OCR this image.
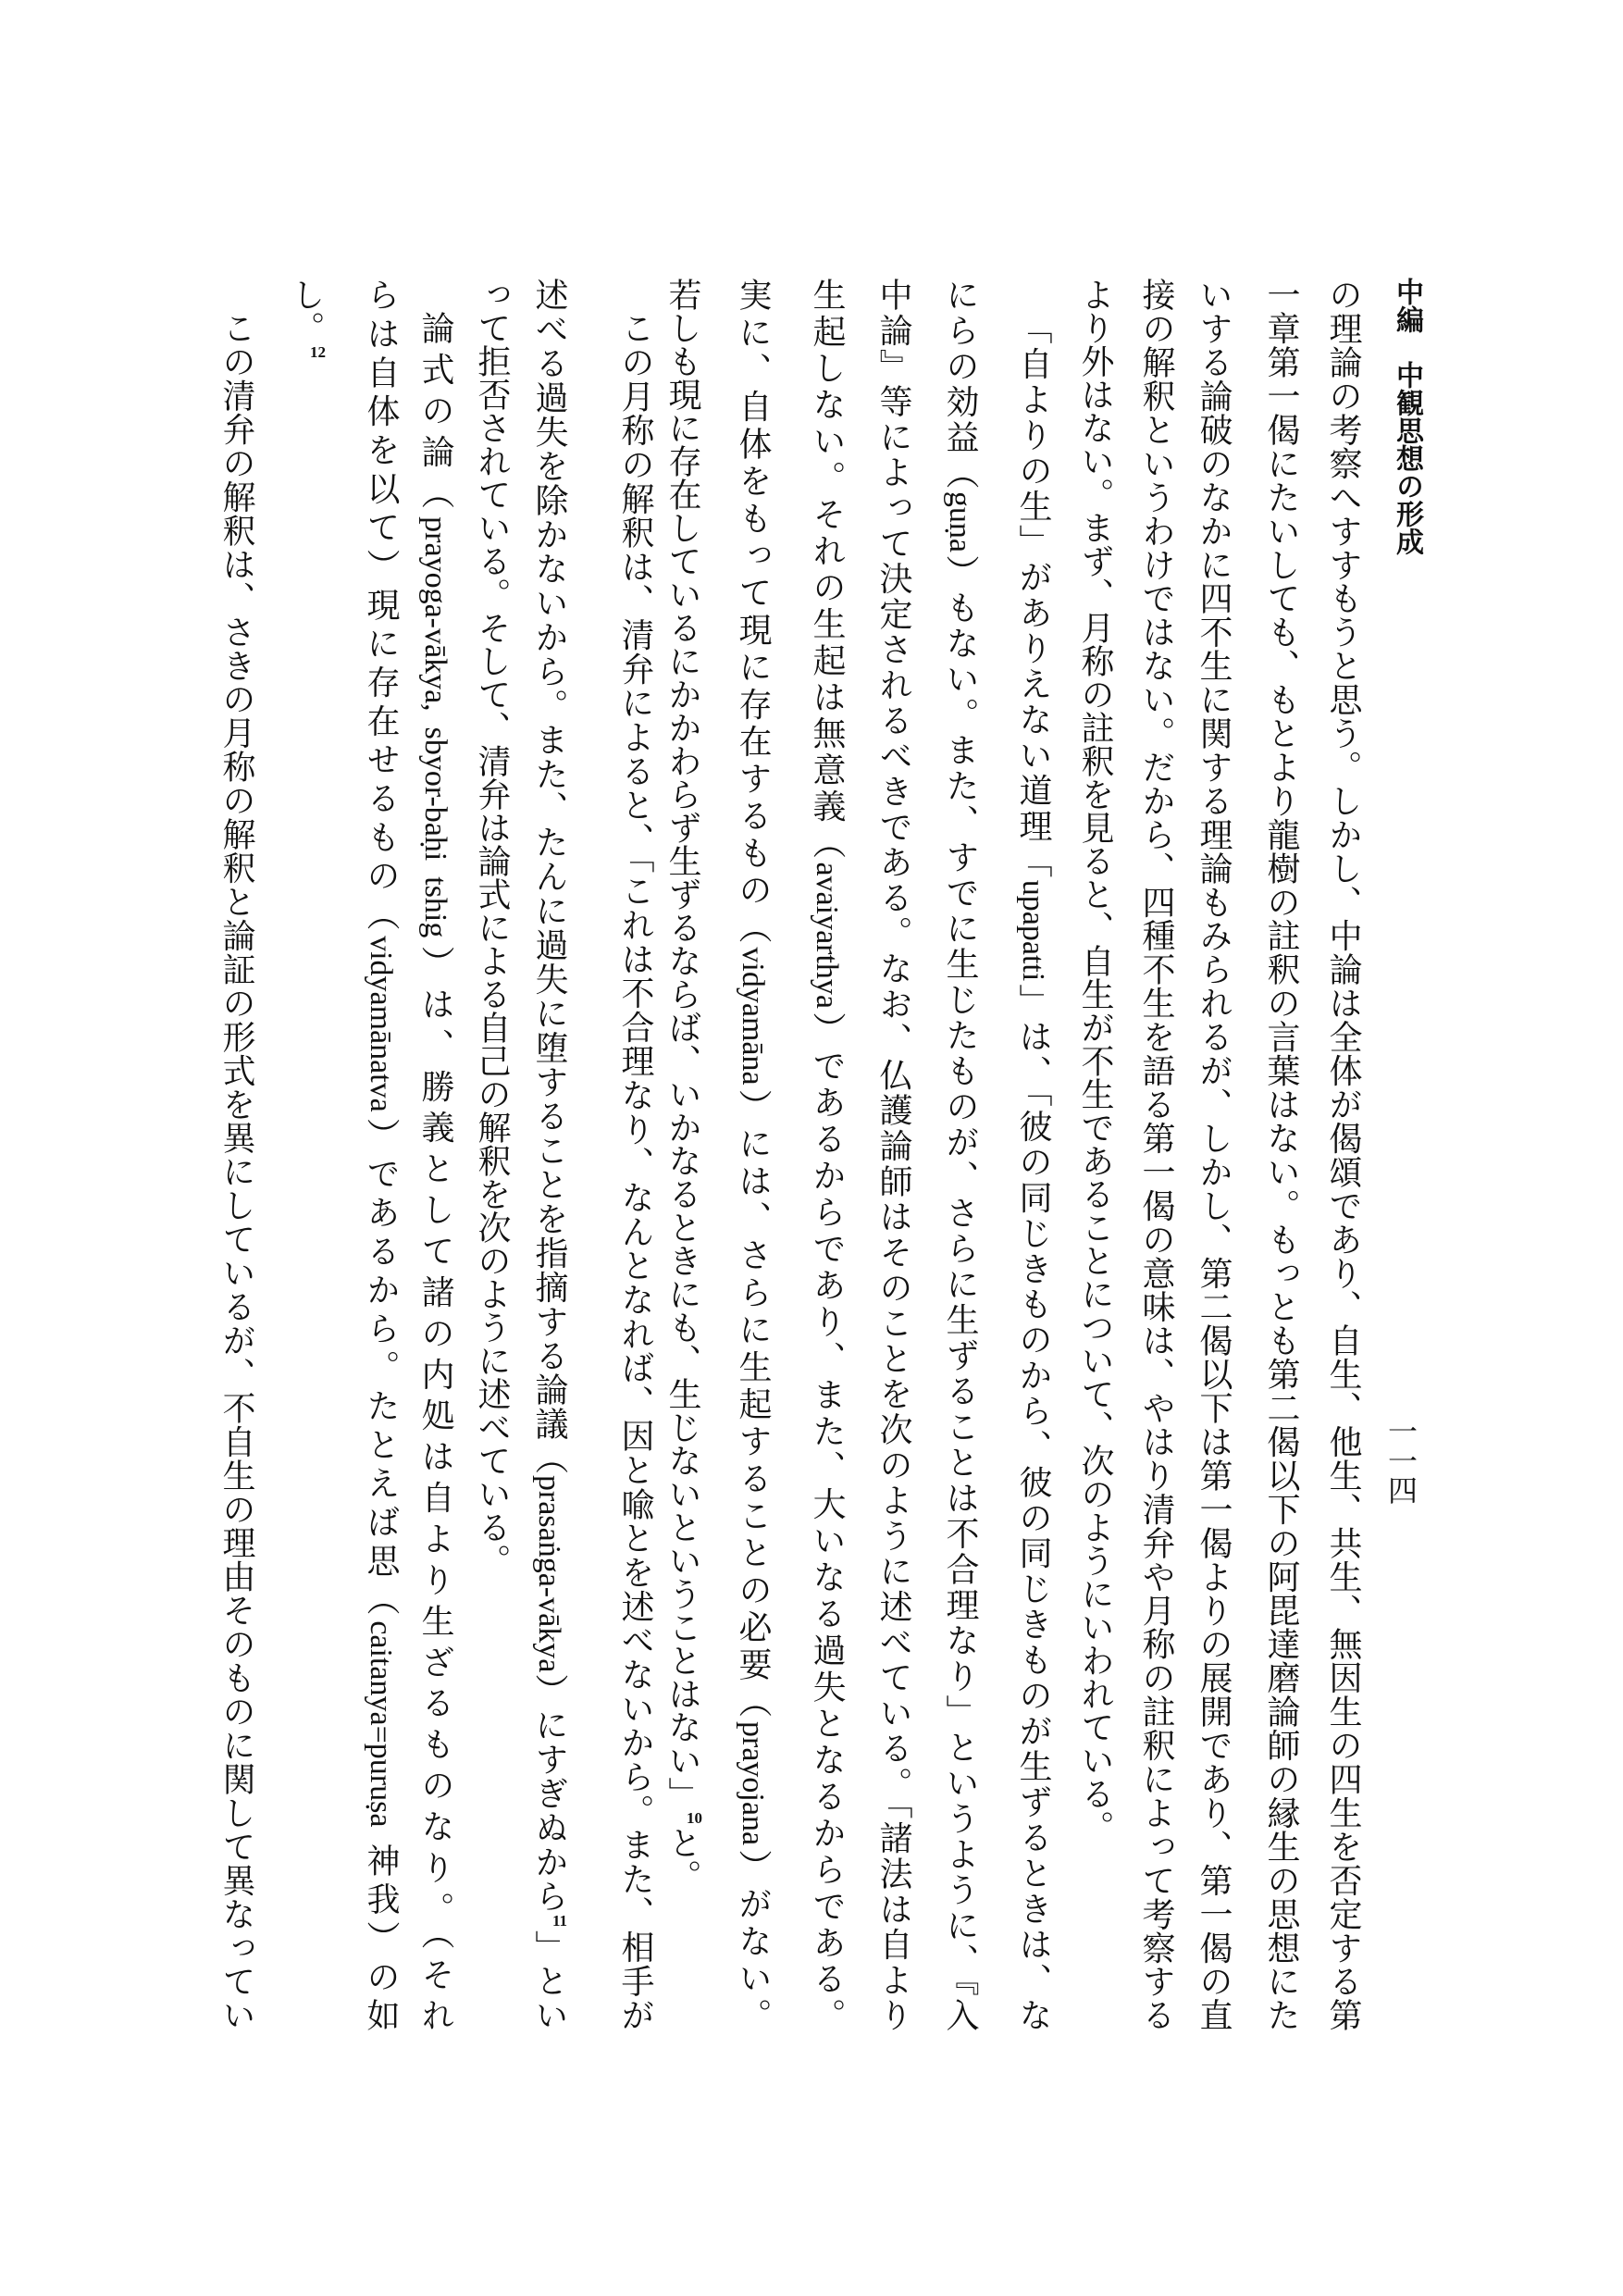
中編　中観思想の形成
一一四
の理論の考察へすすもうと思う。しかし、中論は全体が偈頌であり、自生、他生、共生、無因生の四生を否定する第
一章第一偈にたいしても、もとより龍樹の註釈の言葉はない。もっとも第二偈以下の阿毘達磨論師の縁生の思想にた
いする論破のなかに四不生に関する理論もみられるが、しかし、第二偈以下は第一偈よりの展開であり、第一偈の直
接の解釈というわけではない。だから、四種不生を語る第一偈の意味は、やはり清弁や月称の註釈によって考察する
より外はない。まず、月称の註釈を見ると、自生が不生であることについて、次のようにいわれている。
「自よりの生」がありえない道理「upapatti」は、「彼の同じきものから、彼の同じきものが生ずるときは、な
にらの効益（guṇa）もない。また、すでに生じたものが、さらに生ずることは不合理なり」というように、『入
中論』等によって決定されるべきである。なお、仏護論師はそのことを次のように述べている。「諸法は自より
生起しない。それの生起は無意義（avaiyarthya）であるからであり、また、大いなる過失となるからである。
実に、自体をもって現に存在するもの（vidyamāna）には、さらに生起することの必要（prayojana）がない。
若しも現に存在しているにかかわらず生ずるならば、いかなるときにも、生じないということはない」$^{10}$と。
この月称の解釈は、清弁によると、「これは不合理なり、なんとなれば、因と喩とを述べないから。また、相手が
述べる過失を除かないから。また、たんに過失に堕することを指摘する論議（prasaṅga-vākya）にすぎぬから$^{11}$」とい
って拒否されている。そして、清弁は論式による自己の解釈を次のように述べている。
論式の論（prayoga-vākya, sbyor-baḥi tshig）は、勝義として諸の内処は自より生ざるものなり。（それ
らは自体を以て）現に存在せるもの（vidyamānatva）であるから。たとえば思（caitanya=puruṣa 神我）の如
し。$^{12}$
この清弁の解釈は、さきの月称の解釈と論証の形式を異にしているが、不自生の理由そのものに関して異なってい
